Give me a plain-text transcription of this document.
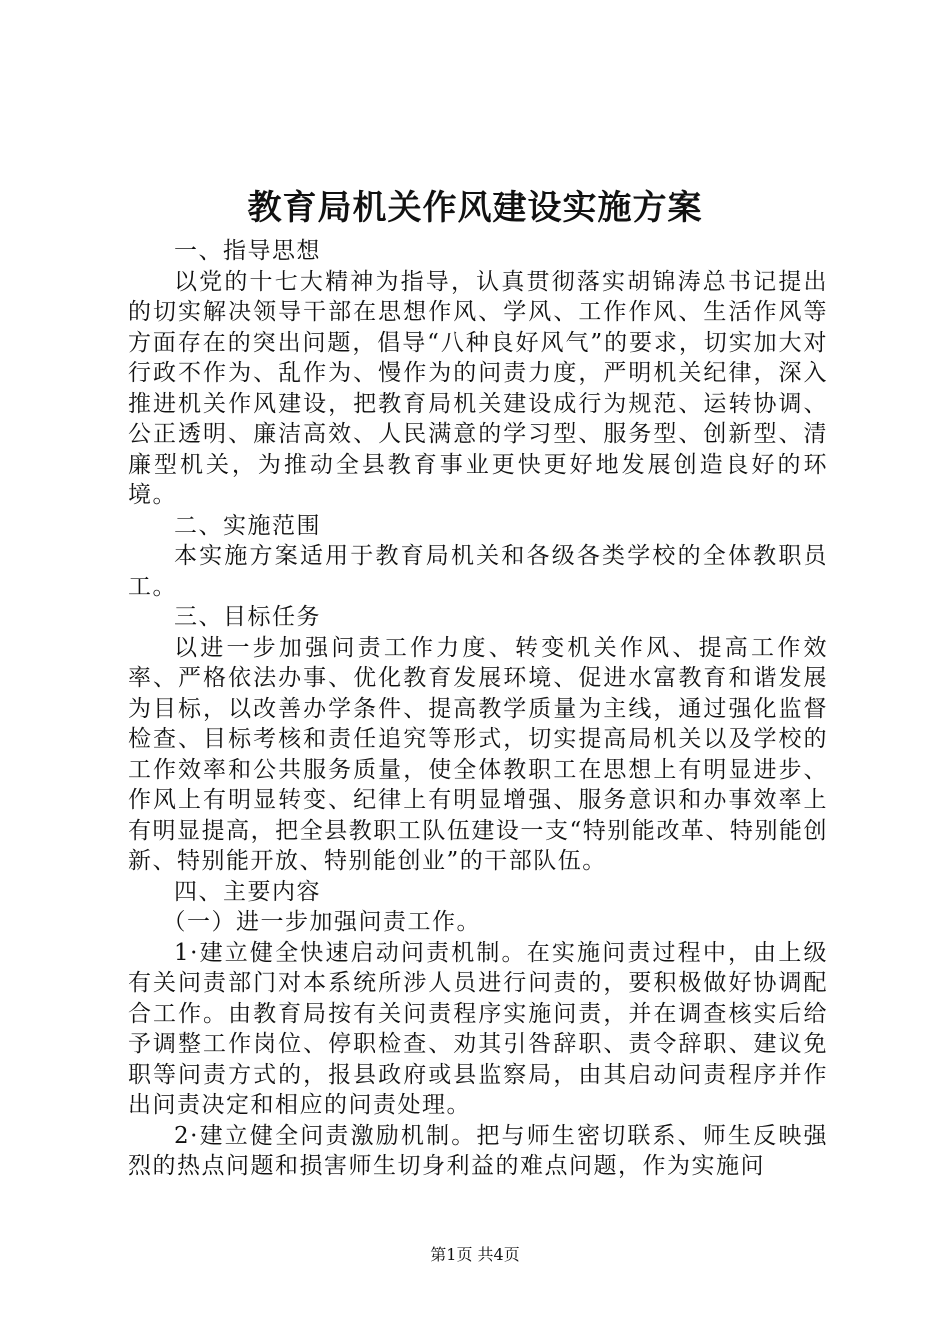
教育局机关作风建设实施方案

一、指导思想

以党的十七大精神为指导，认真贯彻落实胡锦涛总书记提出的切实解决领导干部在思想作风、学风、工作作风、生活作风等方面存在的突出问题，倡导“八种良好风气”的要求，切实加大对行政不作为、乱作为、慢作为的问责力度，严明机关纪律，深入推进机关作风建设，把教育局机关建设成行为规范、运转协调、公正透明、廉洁高效、人民满意的学习型、服务型、创新型、清廉型机关，为推动全县教育事业更快更好地发展创造良好的环境。

二、实施范围

本实施方案适用于教育局机关和各级各类学校的全体教职员工。

三、目标任务

以进一步加强问责工作力度、转变机关作风、提高工作效率、严格依法办事、优化教育发展环境、促进水富教育和谐发展为目标，以改善办学条件、提高教学质量为主线，通过强化监督检查、目标考核和责任追究等形式，切实提高局机关以及学校的工作效率和公共服务质量，使全体教职工在思想上有明显进步、作风上有明显转变、纪律上有明显增强、服务意识和办事效率上有明显提高，把全县教职工队伍建设一支“特别能改革、特别能创新、特别能开放、特别能创业”的干部队伍。

四、主要内容

（一）进一步加强问责工作。

1·建立健全快速启动问责机制。在实施问责过程中，由上级有关问责部门对本系统所涉人员进行问责的，要积极做好协调配合工作。由教育局按有关问责程序实施问责，并在调查核实后给予调整工作岗位、停职检查、劝其引咎辞职、责令辞职、建议免职等问责方式的，报县政府或县监察局，由其启动问责程序并作出问责决定和相应的问责处理。

2·建立健全问责激励机制。把与师生密切联系、师生反映强烈的热点问题和损害师生切身利益的难点问题，作为实施问

第1页 共4页
